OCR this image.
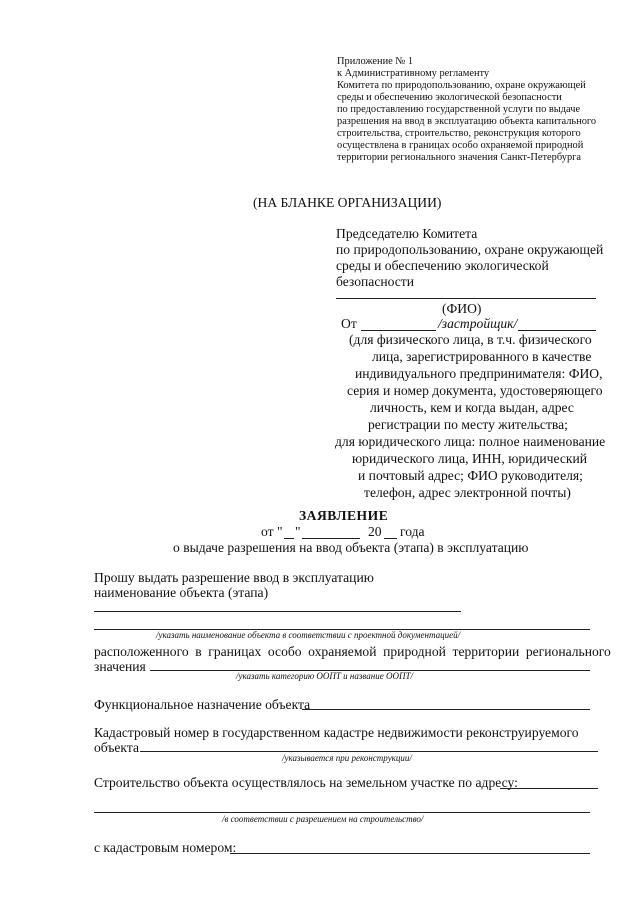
Приложение № 1
к Административному регламенту
Комитета по природопользованию, охране окружающей
среды и обеспечению экологической безопасности
по предоставлению государственной услуги по выдаче
разрешения на ввод в эксплуатацию объекта капитального
строительства, строительство, реконструкция которого
осуществлена в границах особо охраняемой природной
территории регионального значения Санкт-Петербурга
(НА БЛАНКЕ ОРГАНИЗАЦИИ)
Председателю Комитета
по природопользованию, охране окружающей
среды и обеспечению экологической
безопасности
(ФИО)
От	/застройщик/
(для физического лица, в т.ч. физического
лица, зарегистрированного в качестве
индивидуального предпринимателя: ФИО,
серия и номер документа, удостоверяющего
личность, кем и когда выдан, адрес
регистрации по месту жительства;
для юридического лица: полное наименование
юридического лица, ИНН, юридический
и почтовый адрес; ФИО руководителя;
телефон, адрес электронной почты)
ЗАЯВЛЕНИЕ
от " "	20 года
о выдаче разрешения на ввод объекта (этапа) в эксплуатацию
Прошу выдать разрешение ввод в эксплуатацию
наименование объекта (этапа)
/указать наименование объекта в соответствии с проектной документацией/
расположенного в границах особо охраняемой природной территории регионального
значения
/указать категорию ООПТ и название ООПТ/
Функциональное назначение объекта
Кадастровый номер в государственном кадастре недвижимости реконструируемого
объекта
/указывается при реконструкции/
Строительство объекта осуществлялось на земельном участке по адресу:
/в соответствии с разрешением на строительство/
с кадастровым номером:
